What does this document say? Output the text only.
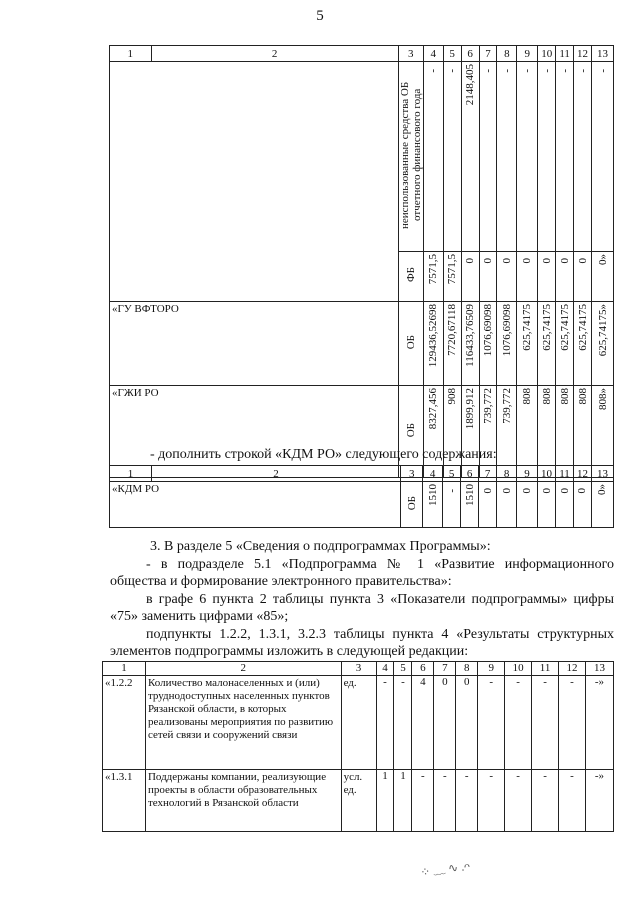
5
1	2	3	4	5	6	7	8	9	10	11	12	13
		неиспользованные средства ОБ отчетного финансового года	-	-	2148,405	-	-	-	-	-	-	-
		ФБ	7571,5	7571,5	0	0	0	0	0	0	0	0»
«ГУ ВФТОРО		ОБ	129436,52698	7720,67118	116433,76509	1076,69098	1076,69098	625,74175	625,74175	625,74175	625,74175	625,74175»
«ГЖИ РО		ОБ	8327,456	908	1899,912	739,772	739,772	808	808	808	808	808»
- дополнить строкой «КДМ РО» следующего содержания:
1	2	3	4	5	6	7	8	9	10	11	12	13
«КДМ РО		ОБ	1510	-	1510	0	0	0	0	0	0	0»
3. В разделе 5 «Сведения о подпрограммах Программы»:
- в подразделе 5.1 «Подпрограмма № 1 «Развитие информационного общества и формирование электронного правительства»:
в графе 6 пункта 2 таблицы пункта 3 «Показатели подпрограммы» цифры «75» заменить цифрами «85»;
подпункты 1.2.2, 1.3.1, 3.2.3 таблицы пункта 4 «Результаты структурных элементов подпрограммы изложить в следующей редакции:
1	2	3	4	5	6	7	8	9	10	11	12	13
«1.2.2	Количество малонаселенных и (или) труднодоступных населенных пунктов Рязанской области, в которых реализованы мероприятия по развитию сетей связи и сооружений связи	ед.	-	-	4	0	0	-	-	-	-	-»
«1.3.1	Поддержаны компании, реализующие проекты в области образовательных технологий в Рязанской области	усл. ед.	1	1	-	-	-	-	-	-	-	-»
⁘ ﹏ ∿ .ᴖ
